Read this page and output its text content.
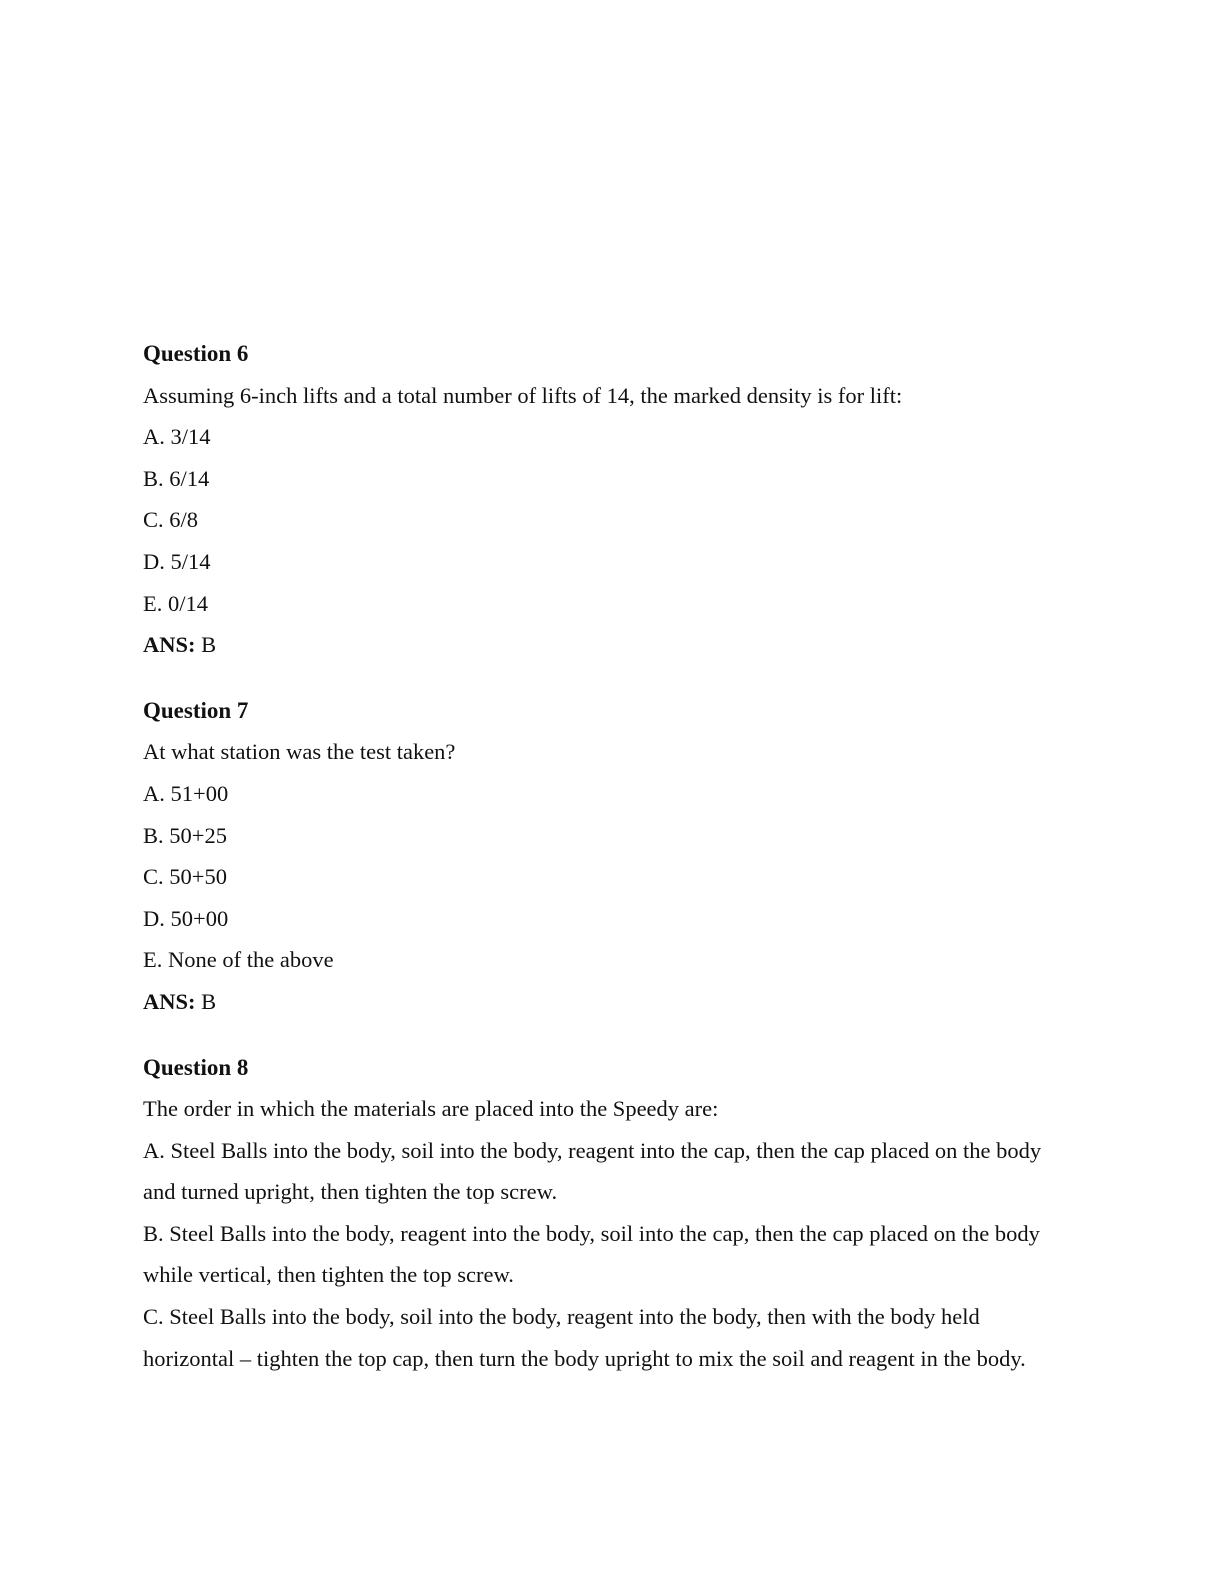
Question 6

Assuming 6-inch lifts and a total number of lifts of 14, the marked density is for lift:

A. 3/14

B. 6/14

C. 6/8

D. 5/14

E. 0/14

ANS: B

Question 7

At what station was the test taken?

A. 51+00

B. 50+25

C. 50+50

D. 50+00

E. None of the above

ANS: B

Question 8

The order in which the materials are placed into the Speedy are:

A. Steel Balls into the body, soil into the body, reagent into the cap, then the cap placed on the body and turned upright, then tighten the top screw.

B. Steel Balls into the body, reagent into the body, soil into the cap, then the cap placed on the body while vertical, then tighten the top screw.

C. Steel Balls into the body, soil into the body, reagent into the body, then with the body held horizontal – tighten the top cap, then turn the body upright to mix the soil and reagent in the body.
